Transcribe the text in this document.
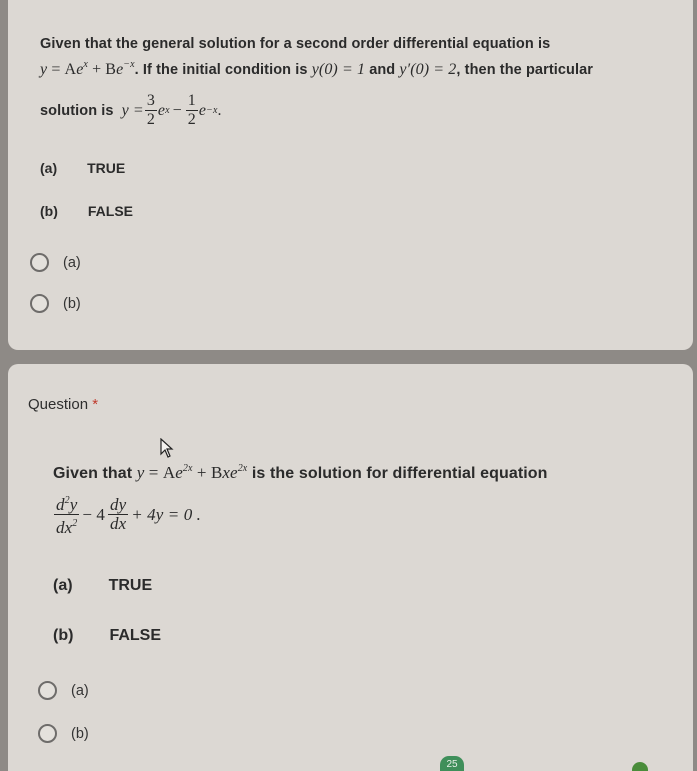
Given that the general solution for a second order differential equation is
$y = Ae^x + Be^{-x}$. If the initial condition is y(0) = 1 and y′(0) = 2, then the particular
solution is $y = \frac{3}{2}$ e $x - \frac{1}{2}$ e −x .
(a) TRUE
(b) FALSE
(a)
(b)
Question *
Given that $y = Ae^{2x} + Bxe^{2x}$ is the solution for differential equation
$\frac{d^2y}{dx^2} - 4 \frac{dy}{dx} + 4y = 0$ .
(a) TRUE
(b) FALSE
(a)
(b)
25
